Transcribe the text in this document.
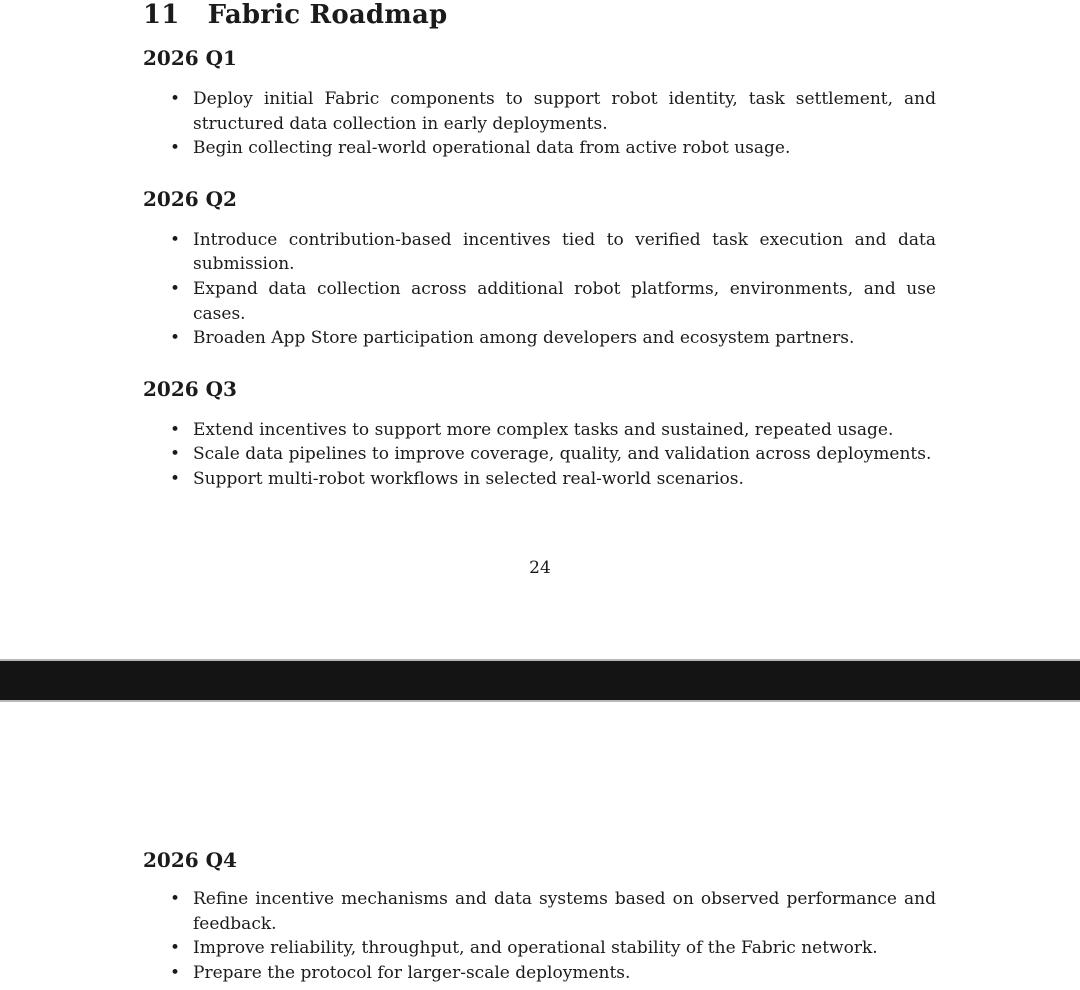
11 Fabric Roadmap
2026 Q1
• Deploy initial Fabric components to support robot identity, task settlement, and structured data collection in early deployments.
• Begin collecting real-world operational data from active robot usage.
2026 Q2
• Introduce contribution-based incentives tied to verified task execution and data submission.
• Expand data collection across additional robot platforms, environments, and use cases.
• Broaden App Store participation among developers and ecosystem partners.
2026 Q3
• Extend incentives to support more complex tasks and sustained, repeated usage.
• Scale data pipelines to improve coverage, quality, and validation across deployments.
• Support multi-robot workflows in selected real-world scenarios.
24
2026 Q4
• Refine incentive mechanisms and data systems based on observed performance and feedback.
• Improve reliability, throughput, and operational stability of the Fabric network.
• Prepare the protocol for larger-scale deployments.
